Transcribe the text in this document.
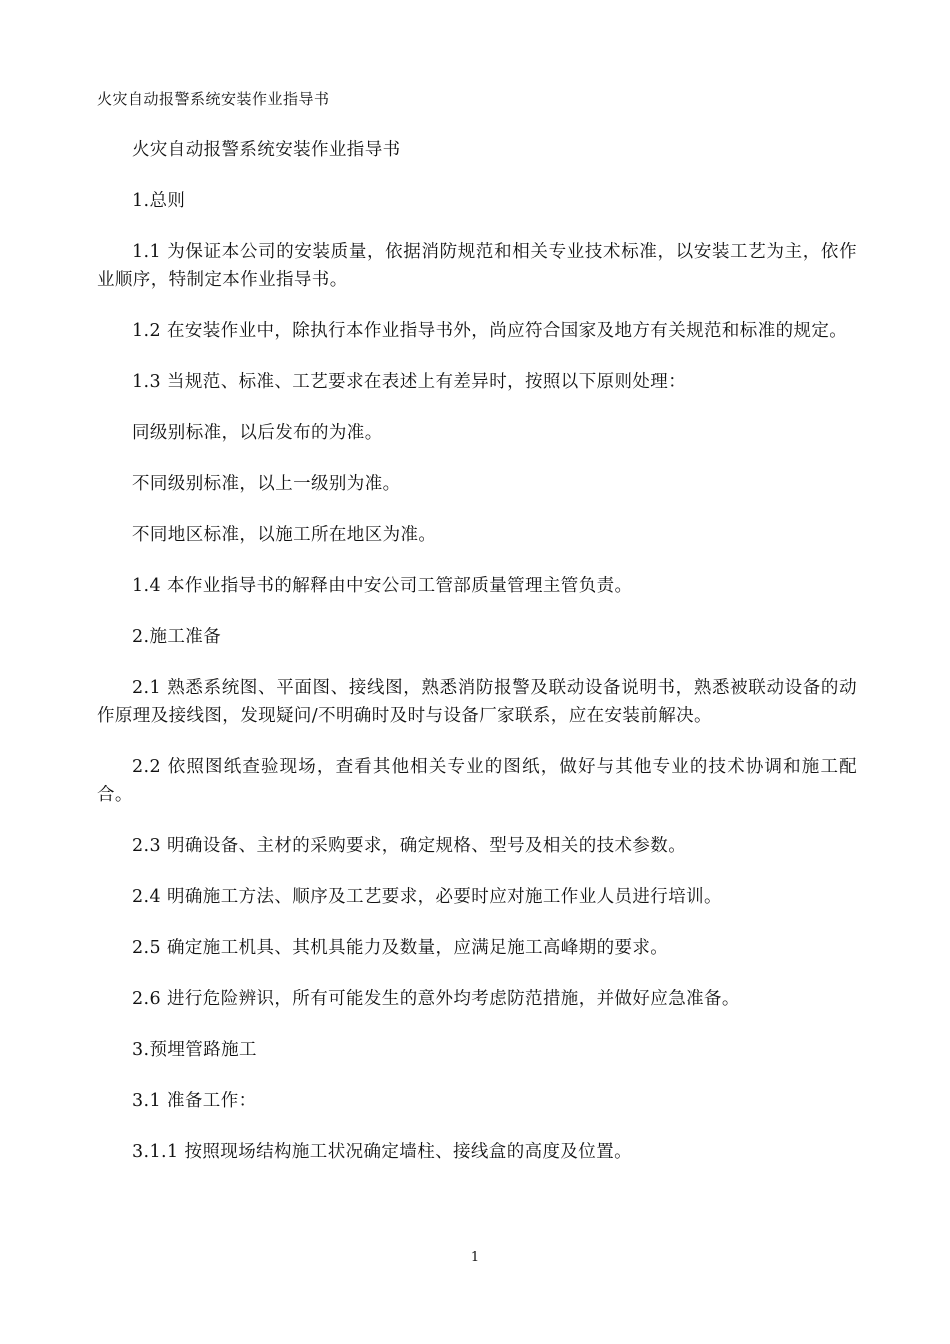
火灾自动报警系统安装作业指导书

火灾自动报警系统安装作业指导书

1.总则

1.1 为保证本公司的安装质量，依据消防规范和相关专业技术标准，以安装工艺为主，依作业顺序，特制定本作业指导书。

1.2 在安装作业中，除执行本作业指导书外，尚应符合国家及地方有关规范和标准的规定。

1.3 当规范、标准、工艺要求在表述上有差异时，按照以下原则处理：

同级别标准，以后发布的为准。

不同级别标准，以上一级别为准。

不同地区标准，以施工所在地区为准。

1.4 本作业指导书的解释由中安公司工管部质量管理主管负责。

2.施工准备

2.1 熟悉系统图、平面图、接线图，熟悉消防报警及联动设备说明书，熟悉被联动设备的动作原理及接线图，发现疑问/不明确时及时与设备厂家联系，应在安装前解决。

2.2 依照图纸查验现场，查看其他相关专业的图纸，做好与其他专业的技术协调和施工配合。

2.3 明确设备、主材的采购要求，确定规格、型号及相关的技术参数。

2.4 明确施工方法、顺序及工艺要求，必要时应对施工作业人员进行培训。

2.5 确定施工机具、其机具能力及数量，应满足施工高峰期的要求。

2.6 进行危险辨识，所有可能发生的意外均考虑防范措施，并做好应急准备。

3.预埋管路施工

3.1 准备工作：

3.1.1 按照现场结构施工状况确定墙柱、接线盒的高度及位置。

1
